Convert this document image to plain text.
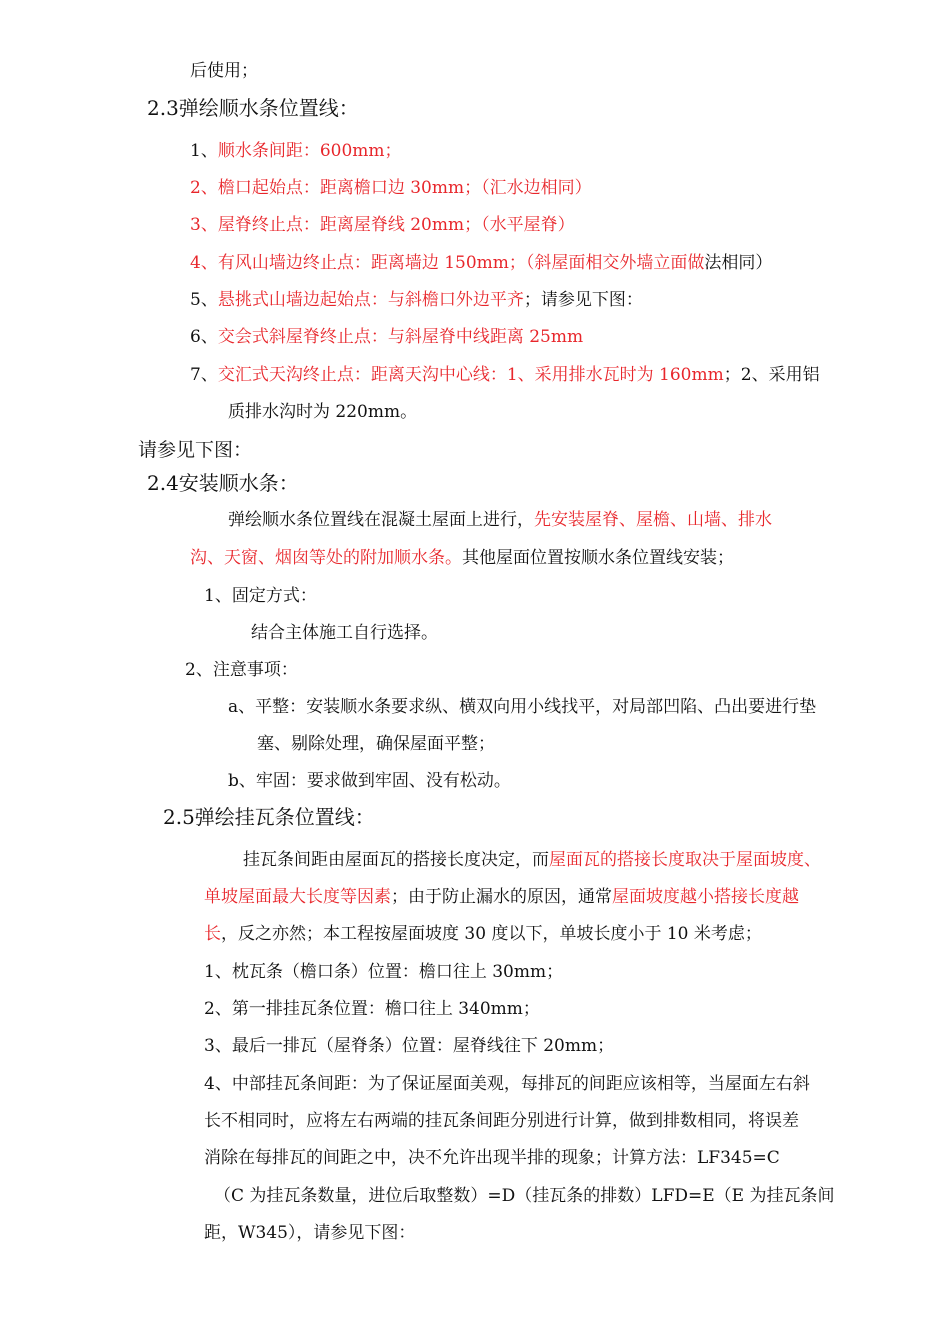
后使用；
2.3弹绘顺水条位置线：
1、顺水条间距：600mm；
2、檐口起始点：距离檐口边 30mm；（汇水边相同）
3、屋脊终止点：距离屋脊线 20mm；（水平屋脊）
4、有风山墙边终止点：距离墙边 150mm；（斜屋面相交外墙立面做法相同）
5、悬挑式山墙边起始点：与斜檐口外边平齐；请参见下图：
6、交会式斜屋脊终止点：与斜屋脊中线距离 25mm
7、交汇式天沟终止点：距离天沟中心线：1、采用排水瓦时为 160mm；2、采用铝
质排水沟时为 220mm。
请参见下图：
2.4安装顺水条：
弹绘顺水条位置线在混凝土屋面上进行，先安装屋脊、屋檐、山墙、排水
沟、天窗、烟囱等处的附加顺水条。其他屋面位置按顺水条位置线安装；
1、固定方式：
结合主体施工自行选择。
2、注意事项：
a、平整：安装顺水条要求纵、横双向用小线找平，对局部凹陷、凸出要进行垫
塞、剔除处理，确保屋面平整；
b、牢固：要求做到牢固、没有松动。
2.5弹绘挂瓦条位置线：
挂瓦条间距由屋面瓦的搭接长度决定，而屋面瓦的搭接长度取决于屋面坡度、
单坡屋面最大长度等因素；由于防止漏水的原因，通常屋面坡度越小搭接长度越
长，反之亦然；本工程按屋面坡度 30 度以下，单坡长度小于 10 米考虑；
1、枕瓦条（檐口条）位置：檐口往上 30mm；
2、第一排挂瓦条位置：檐口往上 340mm；
3、最后一排瓦（屋脊条）位置：屋脊线往下 20mm；
4、中部挂瓦条间距：为了保证屋面美观，每排瓦的间距应该相等，当屋面左右斜
长不相同时，应将左右两端的挂瓦条间距分别进行计算，做到排数相同，将误差
消除在每排瓦的间距之中，决不允许出现半排的现象；计算方法：LF345=C
（C 为挂瓦条数量，进位后取整数）=D（挂瓦条的排数）LFD=E（E 为挂瓦条间
距，W345），请参见下图：
